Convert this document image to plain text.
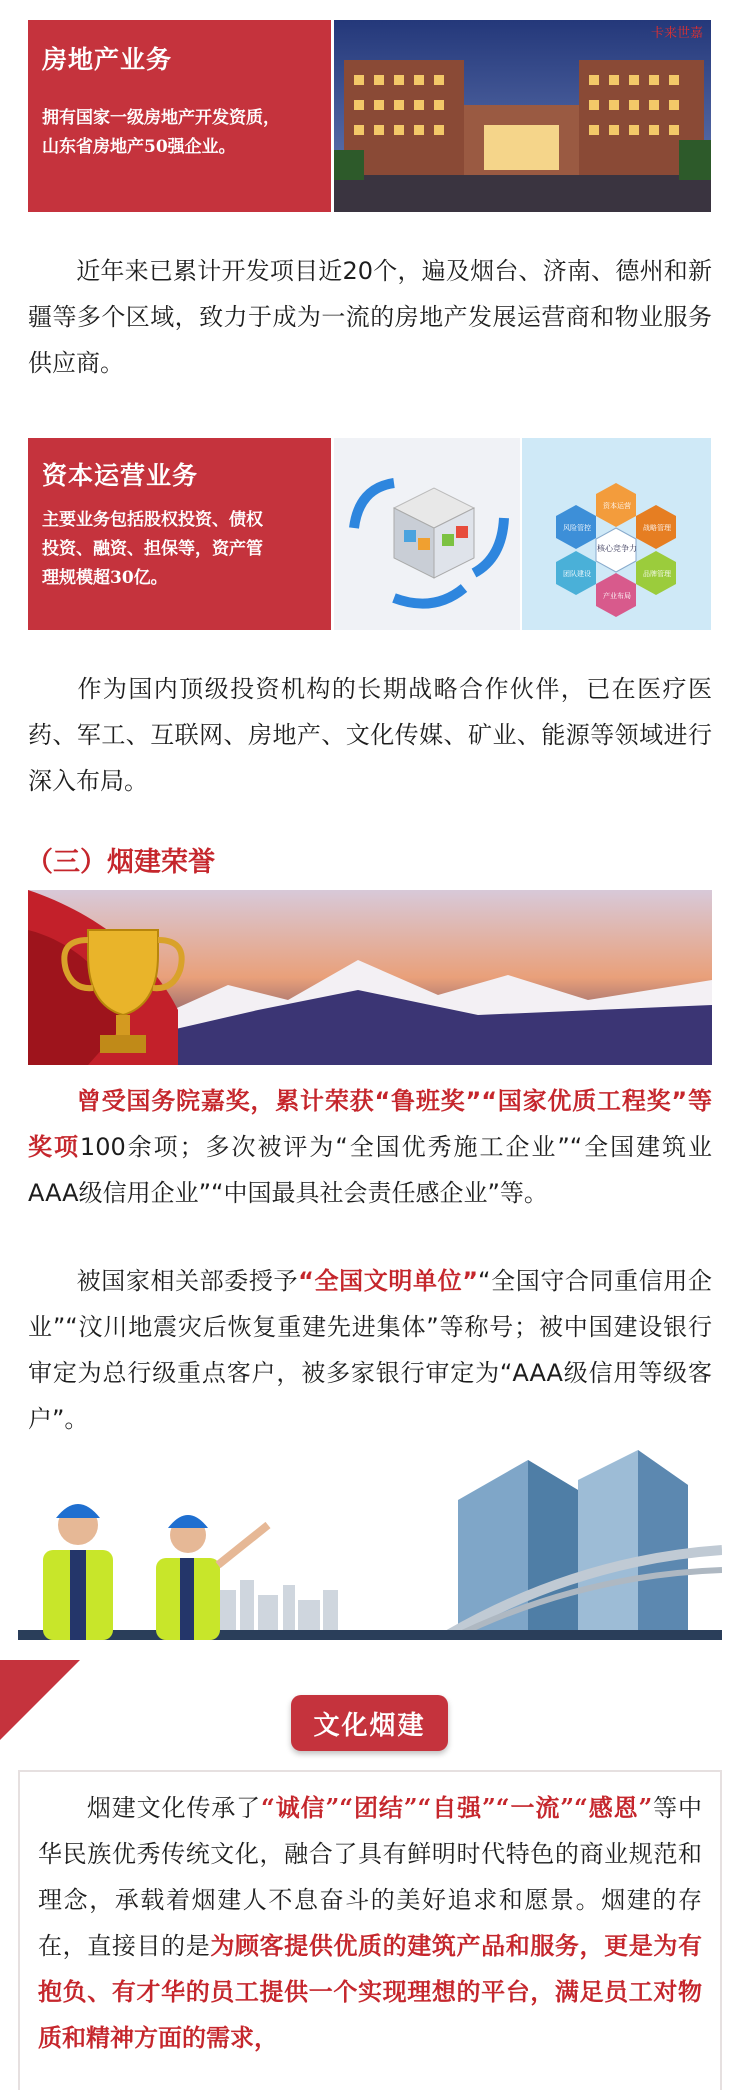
房地产业务

拥有国家一级房地产开发资质，

山东省房地产50强企业。

卡来世嘉

近年来已累计开发项目近20个，遍及烟台、济南、德州和新疆等多个区域，致力于成为一流的房地产发展运营商和物业服务供应商。

资本运营业务

主要业务包括股权投资、债权

投资、融资、担保等，资产管

理规模超30亿。

核心竞争力
资本运营
战略管理
品牌管理
产业布局
团队建设
风险管控

作为国内顶级投资机构的长期战略合作伙伴，已在医疗医药、军工、互联网、房地产、文化传媒、矿业、能源等领域进行深入布局。

（三）烟建荣誉

曾受国务院嘉奖，累计荣获“鲁班奖”“国家优质工程奖”等奖项100余项；多次被评为“全国优秀施工企业”“全国建筑业AAA级信用企业”“中国最具社会责任感企业”等。

被国家相关部委授予“全国文明单位”“全国守合同重信用企业”“汶川地震灾后恢复重建先进集体”等称号；被中国建设银行审定为总行级重点客户，被多家银行审定为“AAA级信用等级客户”。

文化烟建

烟建文化传承了“诚信”“团结”“自强”“一流”“感恩”等中华民族优秀传统文化，融合了具有鲜明时代特色的商业规范和理念，承载着烟建人不息奋斗的美好追求和愿景。烟建的存在，直接目的是为顾客提供优质的建筑产品和服务，更是为有抱负、有才华的员工提供一个实现理想的平台，满足员工对物质和精神方面的需求，
